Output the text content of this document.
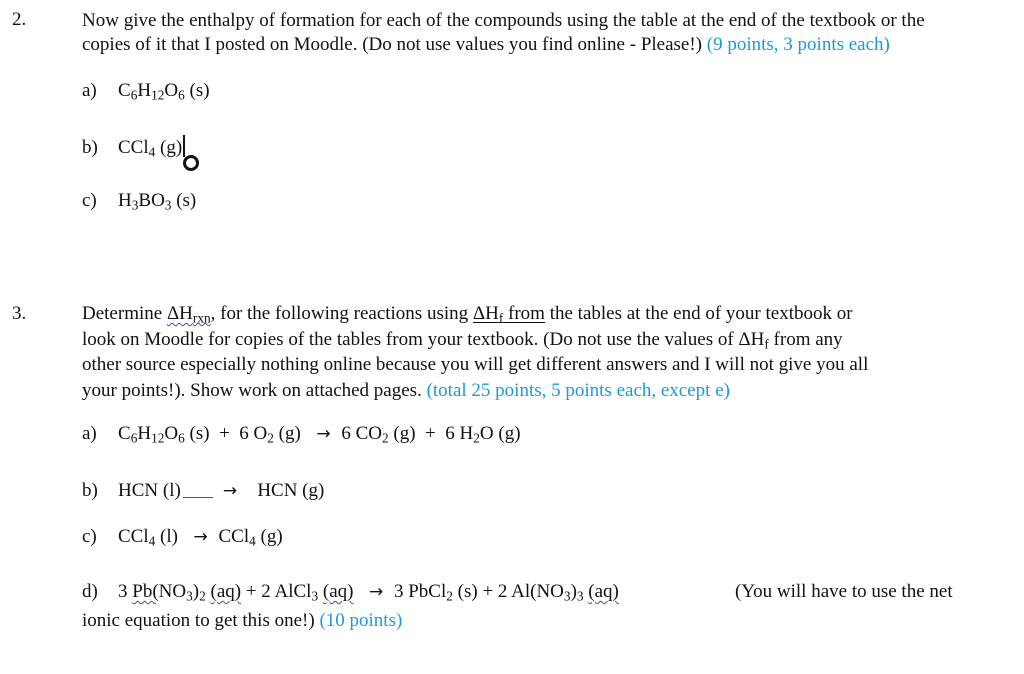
2.	Now give the enthalpy of formation for each of the compounds using the table at the end of the textbook or the
copies of it that I posted on Moodle. (Do not use values you find online - Please!) (9 points, 3 points each)
a) $C_6H_{12}O_6$ (s)
b) CCl$_4$ (g)
c) $H_3BO_3$ (s)
3.	Determine $\Delta H_{rxn}$, for the following reactions using $\Delta H_f$ from the tables at the end of your textbook or
look on Moodle for copies of the tables from your textbook. (Do not use the values of $\Delta H_f$ from any
other source especially nothing online because you will get different answers and I will not give you all
your points!). Show work on attached pages. (total 25 points, 5 points each, except e)
a) $C_6H_{12}O_6$ (s)  +  6 $O_2$ (g)  → 6 $CO_2$ (g)  +  6 $H_2O$ (g)
b) HCN (l) →   HCN (g)
c) CCl$_4$ (l)  → CCl$_4$ (g)
d) 3 $Pb(NO_3)_2$ (aq) + 2 AlCl$_3$ (aq) → 3 PbCl$_2$ (s) + 2 $Al(NO_3)_3$ (aq)	(You will have to use the net
ionic equation to get this one!) (10 points)
